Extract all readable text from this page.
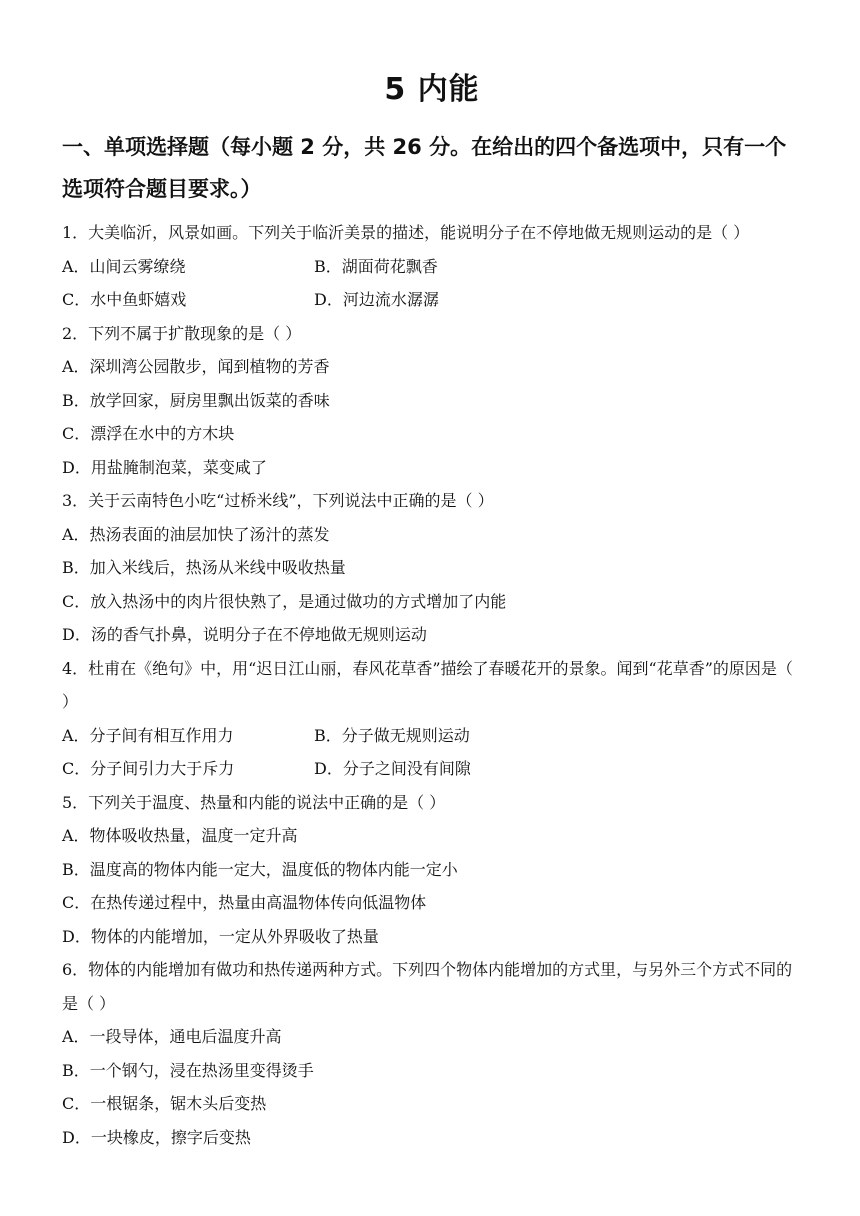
5 内能
一、单项选择题（每小题 2 分，共 26 分。在给出的四个备选项中，只有一个选项符合题目要求。）
1．大美临沂，风景如画。下列关于临沂美景的描述，能说明分子在不停地做无规则运动的是（ ）
A．山间云雾缭绕	B．湖面荷花飘香
C．水中鱼虾嬉戏	D．河边流水潺潺
2．下列不属于扩散现象的是（ ）
A．深圳湾公园散步，闻到植物的芳香
B．放学回家，厨房里飘出饭菜的香味
C．漂浮在水中的方木块
D．用盐腌制泡菜，菜变咸了
3．关于云南特色小吃“过桥米线”，下列说法中正确的是（ ）
A．热汤表面的油层加快了汤汁的蒸发
B．加入米线后，热汤从米线中吸收热量
C．放入热汤中的肉片很快熟了，是通过做功的方式增加了内能
D．汤的香气扑鼻，说明分子在不停地做无规则运动
4．杜甫在《绝句》中，用“迟日江山丽，春风花草香”描绘了春暖花开的景象。闻到“花草香”的原因是（ ）
A．分子间有相互作用力	B．分子做无规则运动
C．分子间引力大于斥力	D．分子之间没有间隙
5．下列关于温度、热量和内能的说法中正确的是（ ）
A．物体吸收热量，温度一定升高
B．温度高的物体内能一定大，温度低的物体内能一定小
C．在热传递过程中，热量由高温物体传向低温物体
D．物体的内能增加，一定从外界吸收了热量
6．物体的内能增加有做功和热传递两种方式。下列四个物体内能增加的方式里，与另外三个方式不同的是（ ）
A．一段导体，通电后温度升高
B．一个钢勺，浸在热汤里变得烫手
C．一根锯条，锯木头后变热
D．一块橡皮，擦字后变热
